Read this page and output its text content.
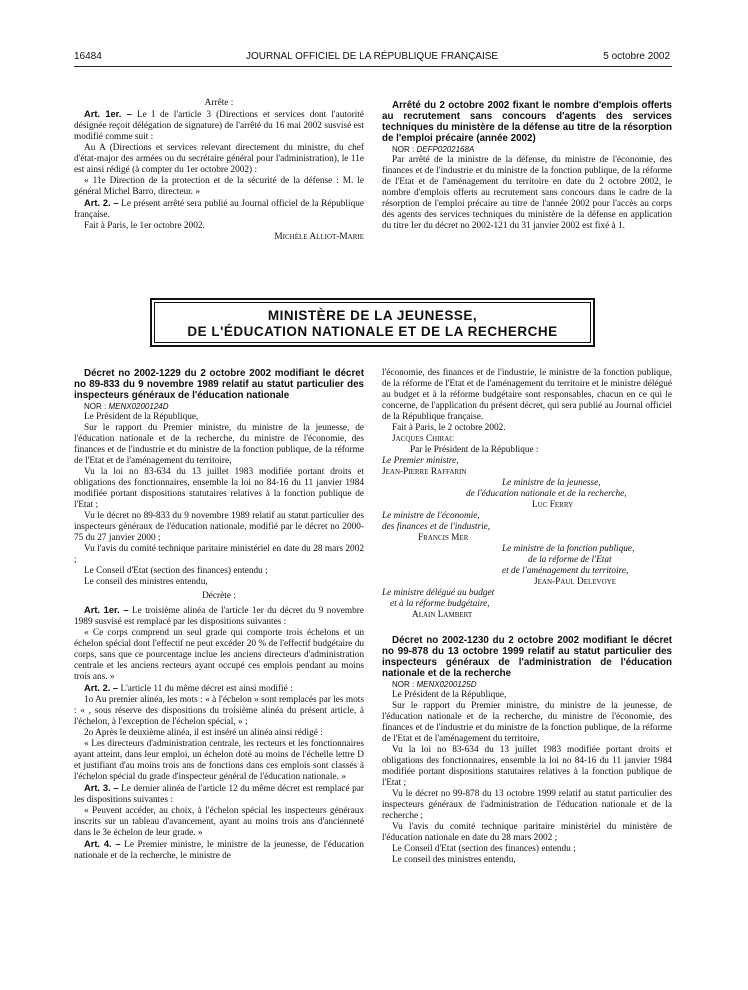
16484	JOURNAL OFFICIEL DE LA RÉPUBLIQUE FRANÇAISE	5 octobre 2002

Arrête :

Art. 1er. – Le I de l'article 3 (Directions et services dont l'autorité désignée reçoit délégation de signature) de l'arrêté du 16 mai 2002 susvisé est modifié comme suit :

Au A (Directions et services relevant directement du ministre, du chef d'état-major des armées ou du secrétaire général pour l'administration), le 11e est ainsi rédigé (à compter du 1er octobre 2002) :

« 11e Direction de la protection et de la sécurité de la défense : M. le général Michel Barro, directeur. »

Art. 2. – Le présent arrêté sera publié au Journal officiel de la République française.

Fait à Paris, le 1er octobre 2002.

Michèle Alliot-Marie

Arrêté du 2 octobre 2002 fixant le nombre d'emplois offerts au recrutement sans concours d'agents des services techniques du ministère de la défense au titre de la résorption de l'emploi précaire (année 2002)

NOR : DEFP0202168A

Par arrêté de la ministre de la défense, du ministre de l'économie, des finances et de l'industrie et du ministre de la fonction publique, de la réforme de l'Etat et de l'aménagement du territoire en date du 2 octobre 2002, le nombre d'emplois offerts au recrutement sans concours dans le cadre de la résorption de l'emploi précaire au titre de l'année 2002 pour l'accès au corps des agents des services techniques du ministère de la défense en application du titre Ier du décret no 2002-121 du 31 janvier 2002 est fixé à 1.

MINISTÈRE DE LA JEUNESSE,
DE L'ÉDUCATION NATIONALE ET DE LA RECHERCHE

Décret no 2002-1229 du 2 octobre 2002 modifiant le décret no 89-833 du 9 novembre 1989 relatif au statut particulier des inspecteurs généraux de l'éducation nationale

NOR : MENX0200124D

Le Président de la République,

Sur le rapport du Premier ministre, du ministre de la jeunesse, de l'éducation nationale et de la recherche, du ministre de l'économie, des finances et de l'industrie et du ministre de la fonction publique, de la réforme de l'Etat et de l'aménagement du territoire,

Vu la loi no 83-634 du 13 juillet 1983 modifiée portant droits et obligations des fonctionnaires, ensemble la loi no 84-16 du 11 janvier 1984 modifiée portant dispositions statutaires relatives à la fonction publique de l'Etat ;

Vu le décret no 89-833 du 9 novembre 1989 relatif au statut particulier des inspecteurs généraux de l'éducation nationale, modifié par le décret no 2000-75 du 27 janvier 2000 ;

Vu l'avis du comité technique paritaire ministériel en date du 28 mars 2002 ;

Le Conseil d'Etat (section des finances) entendu ;

Le conseil des ministres entendu,

Décrète :

Art. 1er. – Le troisième alinéa de l'article 1er du décret du 9 novembre 1989 susvisé est remplacé par les dispositions suivantes :

« Ce corps comprend un seul grade qui comporte trois échelons et un échelon spécial dont l'effectif ne peut excéder 20 % de l'effectif budgétaire du corps, sans que ce pourcentage inclue les anciens directeurs d'administration centrale et les anciens recteurs ayant occupé ces emplois pendant au moins trois ans. »

Art. 2. – L'article 11 du même décret est ainsi modifié :

1o Au premier alinéa, les mots : « à l'échelon » sont remplacés par les mots : « , sous réserve des dispositions du troisième alinéa du présent article, à l'échelon, à l'exception de l'échelon spécial, » ;

2o Après le deuxième alinéa, il est inséré un alinéa ainsi rédigé :

« Les directeurs d'administration centrale, les recteurs et les fonctionnaires ayant atteint, dans leur emploi, un échelon doté au moins de l'échelle lettre D et justifiant d'au moins trois ans de fonctions dans ces emplois sont classés à l'échelon spécial du grade d'inspecteur général de l'éducation nationale. »

Art. 3. – Le dernier alinéa de l'article 12 du même décret est remplacé par les dispositions suivantes :

« Peuvent accéder, au choix, à l'échelon spécial les inspecteurs généraux inscrits sur un tableau d'avancement, ayant au moins trois ans d'ancienneté dans le 3e échelon de leur grade. »

Art. 4. – Le Premier ministre, le ministre de la jeunesse, de l'éducation nationale et de la recherche, le ministre de

l'économie, des finances et de l'industrie, le ministre de la fonction publique, de la réforme de l'Etat et de l'aménagement du territoire et le ministre délégué au budget et à la réforme budgétaire sont responsables, chacun en ce qui le concerne, de l'application du présent décret, qui sera publié au Journal officiel de la République française.

Fait à Paris, le 2 octobre 2002.

Jacques Chirac

Par le Président de la République :

Le Premier ministre,

Jean-Pierre Raffarin

Le ministre de la jeunesse,

de l'éducation nationale et de la recherche,

Luc Ferry

Le ministre de l'économie,

des finances et de l'industrie,

Francis Mer

Le ministre de la fonction publique,

de la réforme de l'Etat

et de l'aménagement du territoire,

Jean-Paul Delevoye

Le ministre délégué au budget

et à la réforme budgétaire,

Alain Lambert

Décret no 2002-1230 du 2 octobre 2002 modifiant le décret no 99-878 du 13 octobre 1999 relatif au statut particulier des inspecteurs généraux de l'administration de l'éducation nationale et de la recherche

NOR : MENX0200125D

Le Président de la République,

Sur le rapport du Premier ministre, du ministre de la jeunesse, de l'éducation nationale et de la recherche, du ministre de l'économie, des finances et de l'industrie et du ministre de la fonction publique, de la réforme de l'Etat et de l'aménagement du territoire,

Vu la loi no 83-634 du 13 juillet 1983 modifiée portant droits et obligations des fonctionnaires, ensemble la loi no 84-16 du 11 janvier 1984 modifiée portant dispositions statutaires relatives à la fonction publique de l'Etat ;

Vu le décret no 99-878 du 13 octobre 1999 relatif au statut particulier des inspecteurs généraux de l'administration de l'éducation nationale et de la recherche ;

Vu l'avis du comité technique paritaire ministériel du ministère de l'éducation nationale en date du 28 mars 2002 ;

Le Conseil d'Etat (section des finances) entendu ;

Le conseil des ministres entendu,
